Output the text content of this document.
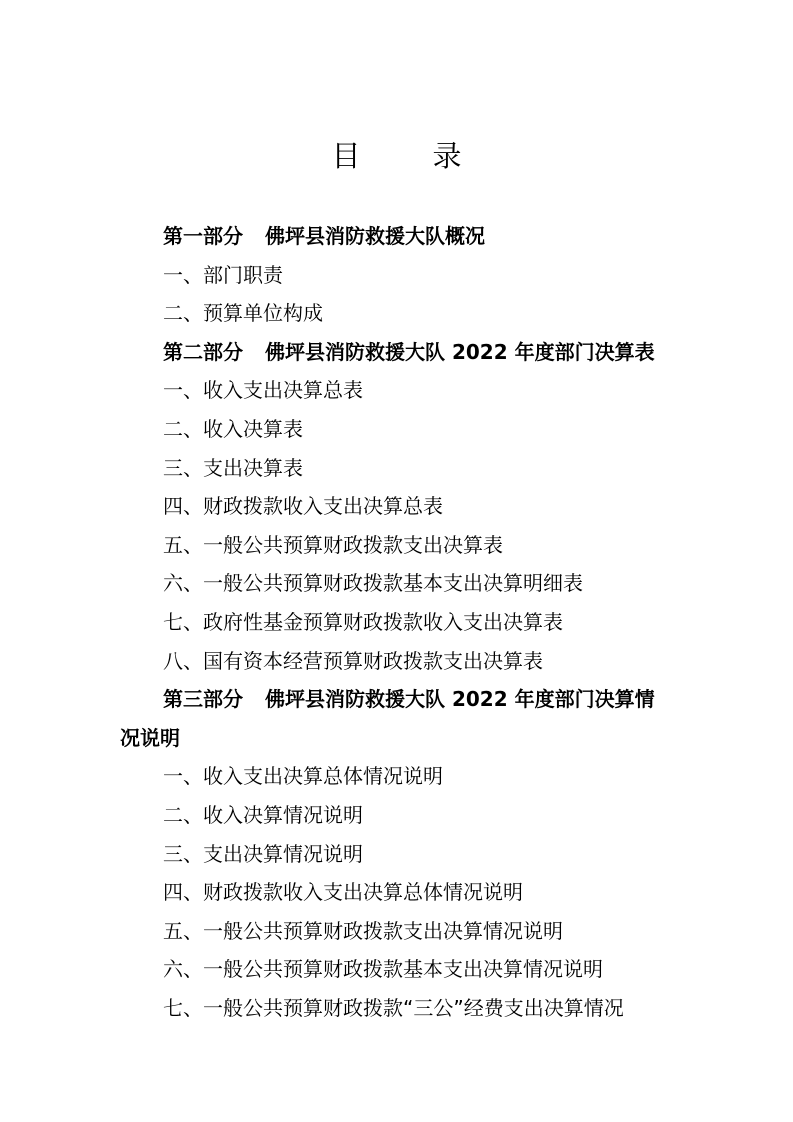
目 录
第一部分 佛坪县消防救援大队概况
一、部门职责
二、预算单位构成
第二部分 佛坪县消防救援大队 2022 年度部门决算表
一、收入支出决算总表
二、收入决算表
三、支出决算表
四、财政拨款收入支出决算总表
五、一般公共预算财政拨款支出决算表
六、一般公共预算财政拨款基本支出决算明细表
七、政府性基金预算财政拨款收入支出决算表
八、国有资本经营预算财政拨款支出决算表
第三部分 佛坪县消防救援大队 2022 年度部门决算情
况说明
一、收入支出决算总体情况说明
二、收入决算情况说明
三、支出决算情况说明
四、财政拨款收入支出决算总体情况说明
五、一般公共预算财政拨款支出决算情况说明
六、一般公共预算财政拨款基本支出决算情况说明
七、一般公共预算财政拨款“三公”经费支出决算情况
